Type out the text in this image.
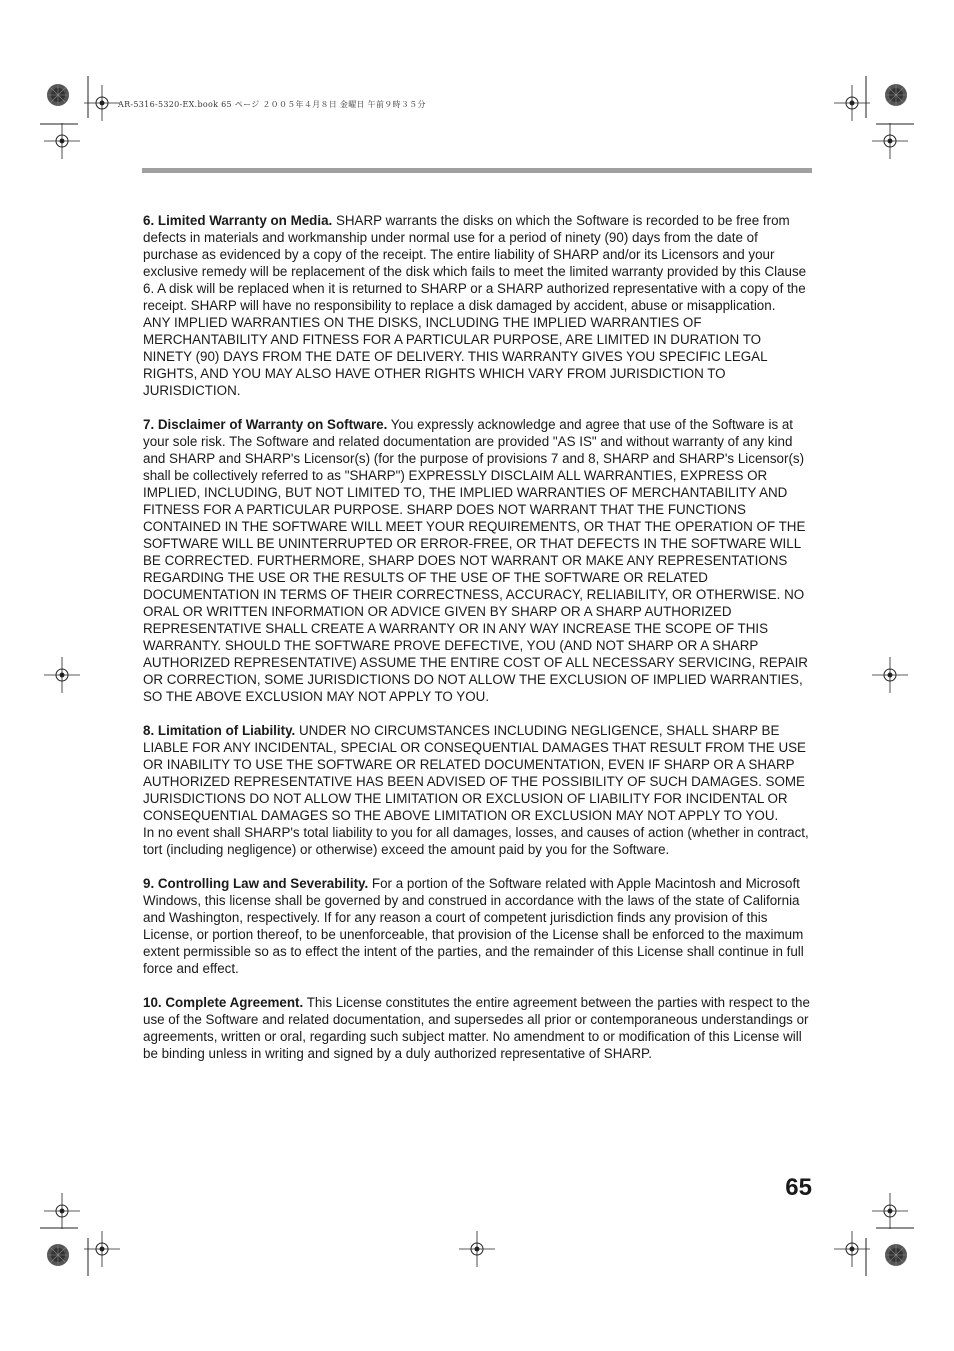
AR-5316-5320-EX.book 65 ページ ２００５年４月８日 金曜日 午前９時３５分

6. Limited Warranty on Media. SHARP warrants the disks on which the Software is recorded to be free from defects in materials and workmanship under normal use for a period of ninety (90) days from the date of purchase as evidenced by a copy of the receipt. The entire liability of SHARP and/or its Licensors and your exclusive remedy will be replacement of the disk which fails to meet the limited warranty provided by this Clause 6. A disk will be replaced when it is returned to SHARP or a SHARP authorized representative with a copy of the receipt. SHARP will have no responsibility to replace a disk damaged by accident, abuse or misapplication.

ANY IMPLIED WARRANTIES ON THE DISKS, INCLUDING THE IMPLIED WARRANTIES OF MERCHANTABILITY AND FITNESS FOR A PARTICULAR PURPOSE, ARE LIMITED IN DURATION TO NINETY (90) DAYS FROM THE DATE OF DELIVERY. THIS WARRANTY GIVES YOU SPECIFIC LEGAL RIGHTS, AND YOU MAY ALSO HAVE OTHER RIGHTS WHICH VARY FROM JURISDICTION TO JURISDICTION.

7. Disclaimer of Warranty on Software. You expressly acknowledge and agree that use of the Software is at your sole risk. The Software and related documentation are provided "AS IS" and without warranty of any kind and SHARP and SHARP's Licensor(s) (for the purpose of provisions 7 and 8, SHARP and SHARP's Licensor(s) shall be collectively referred to as "SHARP") EXPRESSLY DISCLAIM ALL WARRANTIES, EXPRESS OR IMPLIED, INCLUDING, BUT NOT LIMITED TO, THE IMPLIED WARRANTIES OF MERCHANTABILITY AND FITNESS FOR A PARTICULAR PURPOSE. SHARP DOES NOT WARRANT THAT THE FUNCTIONS CONTAINED IN THE SOFTWARE WILL MEET YOUR REQUIREMENTS, OR THAT THE OPERATION OF THE SOFTWARE WILL BE UNINTERRUPTED OR ERROR-FREE, OR THAT DEFECTS IN THE SOFTWARE WILL BE CORRECTED. FURTHERMORE, SHARP DOES NOT WARRANT OR MAKE ANY REPRESENTATIONS REGARDING THE USE OR THE RESULTS OF THE USE OF THE SOFTWARE OR RELATED DOCUMENTATION IN TERMS OF THEIR CORRECTNESS, ACCURACY, RELIABILITY, OR OTHERWISE. NO ORAL OR WRITTEN INFORMATION OR ADVICE GIVEN BY SHARP OR A SHARP AUTHORIZED REPRESENTATIVE SHALL CREATE A WARRANTY OR IN ANY WAY INCREASE THE SCOPE OF THIS WARRANTY. SHOULD THE SOFTWARE PROVE DEFECTIVE, YOU (AND NOT SHARP OR A SHARP AUTHORIZED REPRESENTATIVE) ASSUME THE ENTIRE COST OF ALL NECESSARY SERVICING, REPAIR OR CORRECTION, SOME JURISDICTIONS DO NOT ALLOW THE EXCLUSION OF IMPLIED WARRANTIES, SO THE ABOVE EXCLUSION MAY NOT APPLY TO YOU.

8. Limitation of Liability. UNDER NO CIRCUMSTANCES INCLUDING NEGLIGENCE, SHALL SHARP BE LIABLE FOR ANY INCIDENTAL, SPECIAL OR CONSEQUENTIAL DAMAGES THAT RESULT FROM THE USE OR INABILITY TO USE THE SOFTWARE OR RELATED DOCUMENTATION, EVEN IF SHARP OR A SHARP AUTHORIZED REPRESENTATIVE HAS BEEN ADVISED OF THE POSSIBILITY OF SUCH DAMAGES. SOME JURISDICTIONS DO NOT ALLOW THE LIMITATION OR EXCLUSION OF LIABILITY FOR INCIDENTAL OR CONSEQUENTIAL DAMAGES SO THE ABOVE LIMITATION OR EXCLUSION MAY NOT APPLY TO YOU.

In no event shall SHARP's total liability to you for all damages, losses, and causes of action (whether in contract, tort (including negligence) or otherwise) exceed the amount paid by you for the Software.

9. Controlling Law and Severability. For a portion of the Software related with Apple Macintosh and Microsoft Windows, this license shall be governed by and construed in accordance with the laws of the state of California and Washington, respectively. If for any reason a court of competent jurisdiction finds any provision of this License, or portion thereof, to be unenforceable, that provision of the License shall be enforced to the maximum extent permissible so as to effect the intent of the parties, and the remainder of this License shall continue in full force and effect.

10. Complete Agreement. This License constitutes the entire agreement between the parties with respect to the use of the Software and related documentation, and supersedes all prior or contemporaneous understandings or agreements, written or oral, regarding such subject matter. No amendment to or modification of this License will be binding unless in writing and signed by a duly authorized representative of SHARP.

65
